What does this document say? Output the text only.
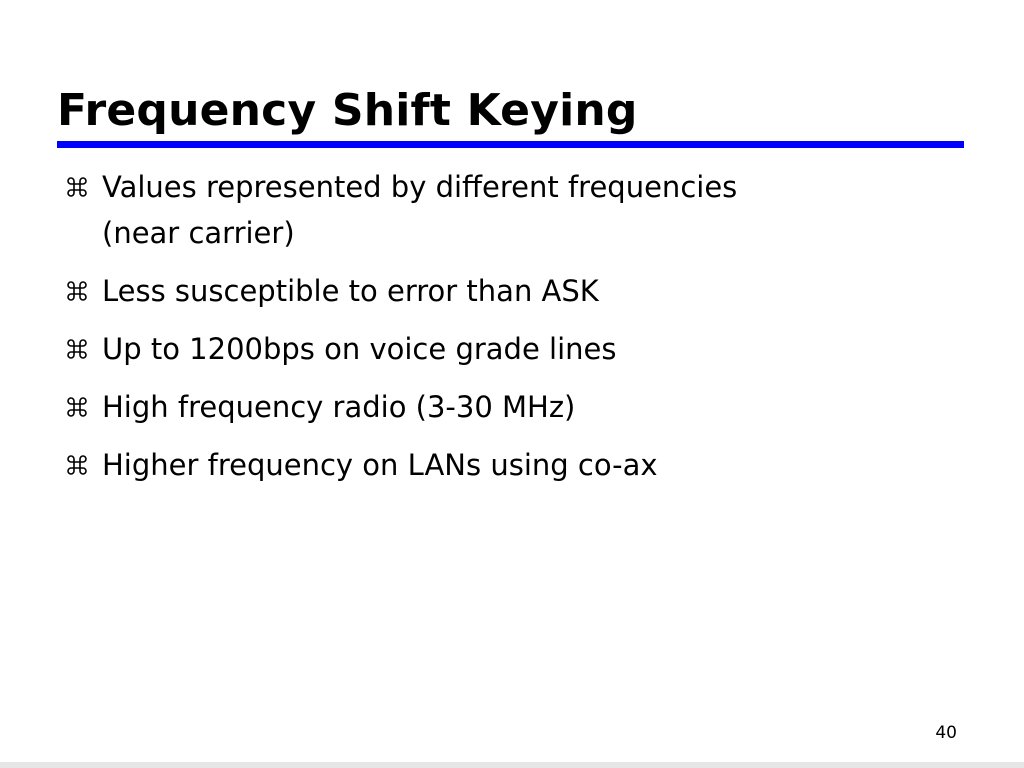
Frequency Shift Keying
Values represented by different frequencies
(near carrier)
Less susceptible to error than ASK
Up to 1200bps on voice grade lines
High frequency radio (3-30 MHz)
Higher frequency on LANs using co-ax
40
